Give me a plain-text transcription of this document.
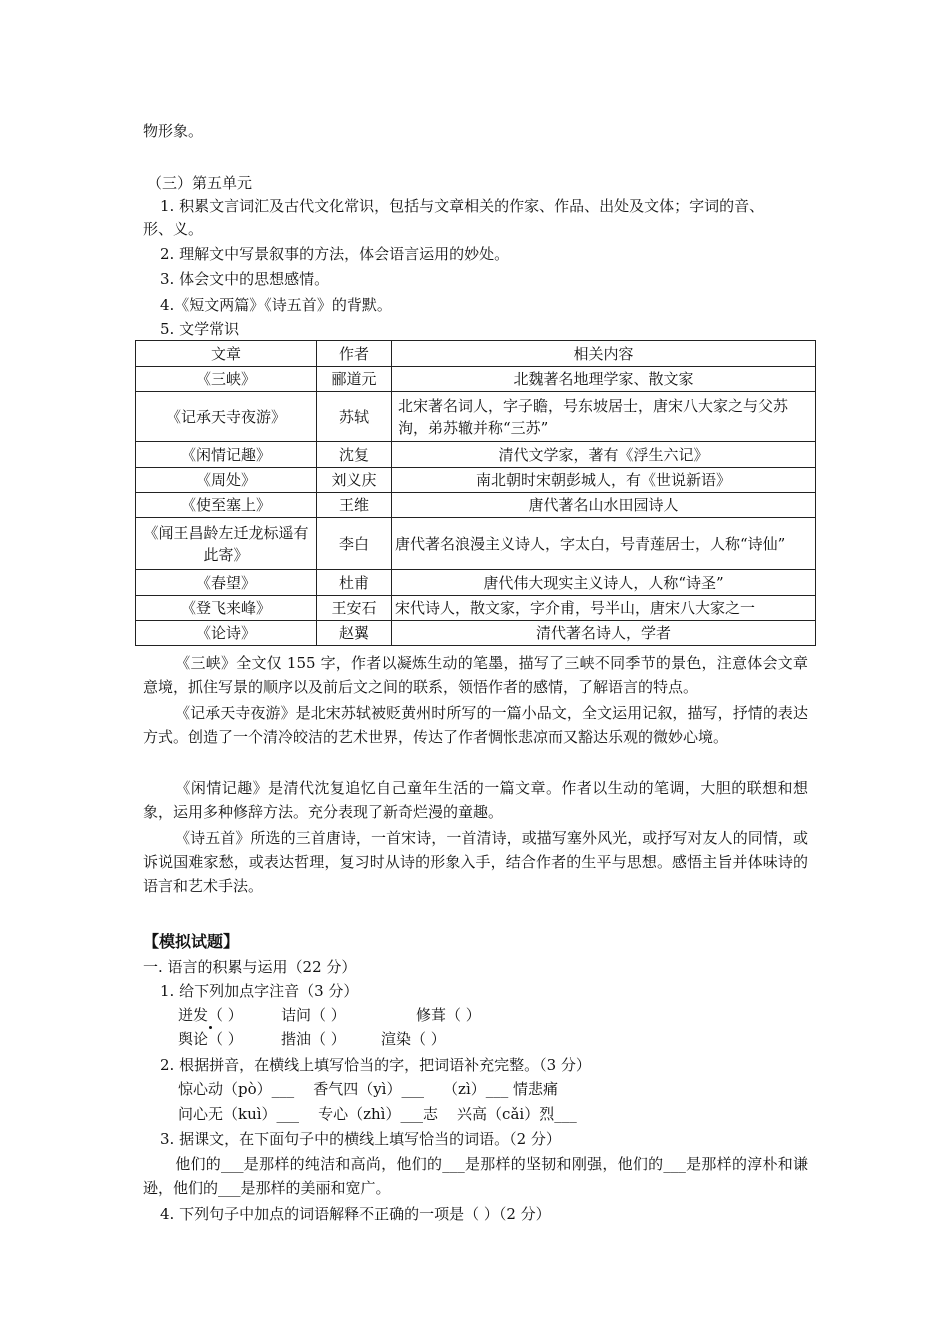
物形象。
（三）第五单元
1. 积累文言词汇及古代文化常识，包括与文章相关的作家、作品、出处及文体；字词的音、
形、义。
2. 理解文中写景叙事的方法，体会语言运用的妙处。
3. 体会文中的思想感情。
4.《短文两篇》《诗五首》的背默。
5. 文学常识
文章	作者	相关内容
《三峡》	郦道元	北魏著名地理学家、散文家
《记承天寺夜游》	苏轼	北宋著名词人，字子瞻，号东坡居士，唐宋八大家之与父苏洵，弟苏辙并称“三苏”
《闲情记趣》	沈复	清代文学家，著有《浮生六记》
《周处》	刘义庆	南北朝时宋朝彭城人，有《世说新语》
《使至塞上》	王维	唐代著名山水田园诗人
《闻王昌龄左迁龙标遥有此寄》	李白	唐代著名浪漫主义诗人，字太白，号青莲居士，人称“诗仙”
《春望》	杜甫	唐代伟大现实主义诗人，人称“诗圣”
《登飞来峰》	王安石	宋代诗人，散文家，字介甫，号半山，唐宋八大家之一
《论诗》	赵翼	清代著名诗人，学者
《三峡》全文仅 155 字，作者以凝炼生动的笔墨，描写了三峡不同季节的景色，注意体会文章意境，抓住写景的顺序以及前后文之间的联系，领悟作者的感情，了解语言的特点。
《记承天寺夜游》是北宋苏轼被贬黄州时所写的一篇小品文，全文运用记叙，描写，抒情的表达方式。创造了一个清冷皎洁的艺术世界，传达了作者惆怅悲凉而又豁达乐观的微妙心境。
《闲情记趣》是清代沈复追忆自己童年生活的一篇文章。作者以生动的笔调，大胆的联想和想象，运用多种修辞方法。充分表现了新奇烂漫的童趣。
《诗五首》所选的三首唐诗，一首宋诗，一首清诗，或描写塞外风光，或抒写对友人的同情，或诉说国难家愁，或表达哲理，复习时从诗的形象入手，结合作者的生平与思想。感悟主旨并体味诗的语言和艺术手法。
【模拟试题】
一. 语言的积累与运用（22 分）
1. 给下列加点字注音（3 分）
迸发（ ）	诘问（ ）	修葺（ ）
舆论（ ）	揩油（ ） 渲染（ ）
2. 根据拼音，在横线上填写恰当的字，把词语补充完整。（3 分）
惊心动（pò）___    香气四（yì）___    （zì）___ 情悲痛
问心无（kuì）___    专心（zhì）___志    兴高（cǎi）烈___
3. 据课文，在下面句子中的横线上填写恰当的词语。（2 分）
他们的___是那样的纯洁和高尚，他们的___是那样的坚韧和刚强，他们的___是那样的淳朴和谦逊，他们的___是那样的美丽和宽广。
4. 下列句子中加点的词语解释不正确的一项是（ ）（2 分）
